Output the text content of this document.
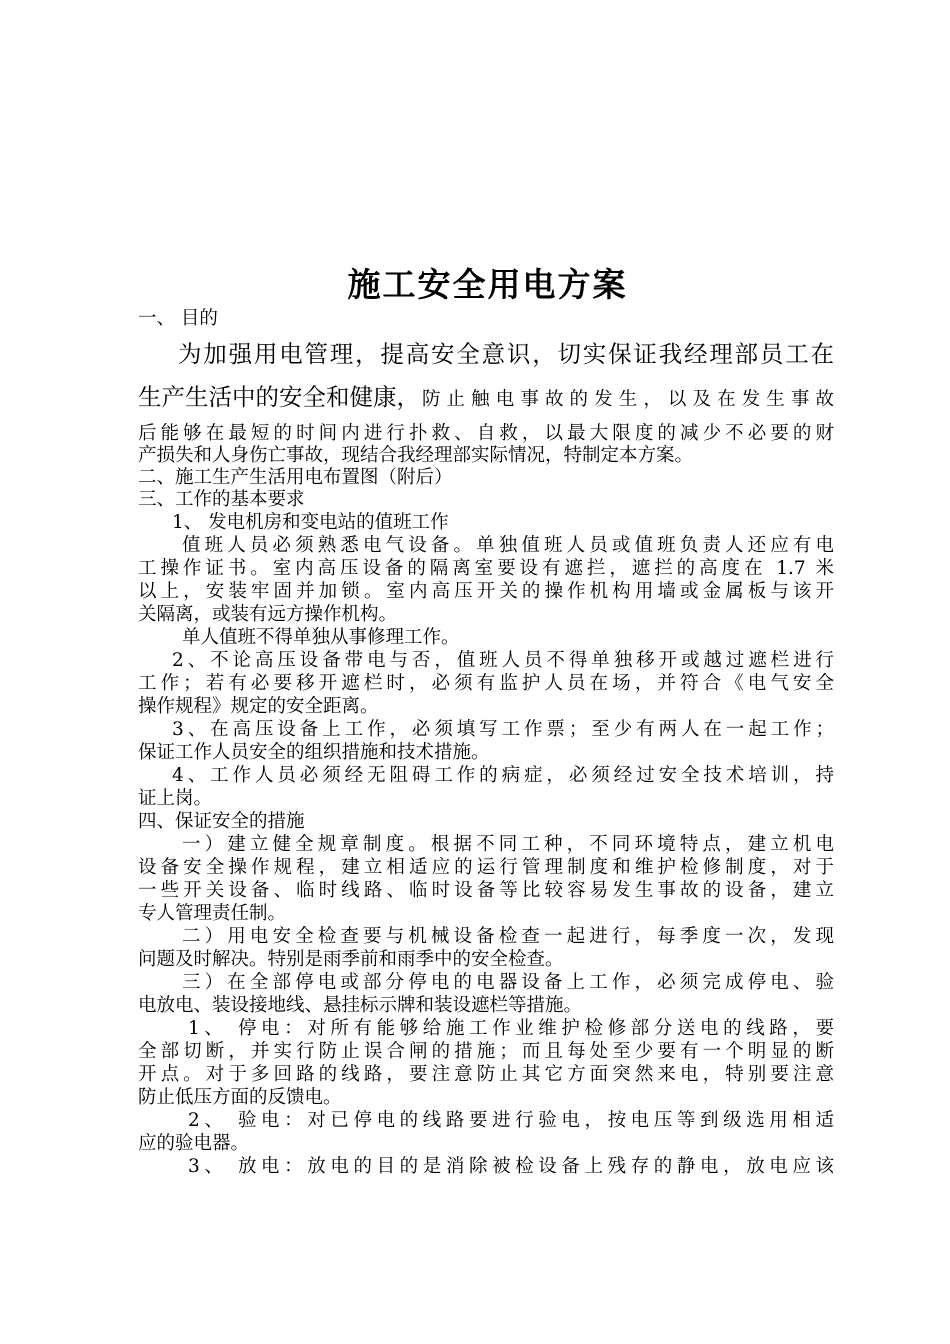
施工安全用电方案
一、 目的
为加强用电管理，提高安全意识，切实保证我经理部员工在
生产生活中的安全和健康， 防止触电事故的发生，以及在发生事故
后能够在最短的时间内进行扑救、自救，以最大限度的减少不必要的财
产损失和人身伤亡事故，现结合我经理部实际情况，特制定本方案。
二、施工生产生活用电布置图（附后）
三、工作的基本要求
1、 发电机房和变电站的值班工作
值班人员必须熟悉电气设备。单独值班人员或值班负责人还应有电
工操作证书。室内高压设备的隔离室要设有遮拦，遮拦的高度在 1.7 米
以上，安装牢固并加锁。室内高压开关的操作机构用墙或金属板与该开
关隔离，或装有远方操作机构。
单人值班不得单独从事修理工作。
2、不论高压设备带电与否，值班人员不得单独移开或越过遮栏进行
工作；若有必要移开遮栏时，必须有监护人员在场，并符合《电气安全
操作规程》规定的安全距离。
3、在高压设备上工作，必须填写工作票；至少有两人在一起工作；
保证工作人员安全的组织措施和技术措施。
4、工作人员必须经无阻碍工作的病症，必须经过安全技术培训，持
证上岗。
四、保证安全的措施
一）建立健全规章制度。根据不同工种，不同环境特点，建立机电
设备安全操作规程，建立相适应的运行管理制度和维护检修制度，对于
一些开关设备、临时线路、临时设备等比较容易发生事故的设备，建立
专人管理责任制。
二）用电安全检查要与机械设备检查一起进行，每季度一次，发现
问题及时解决。特别是雨季前和雨季中的安全检查。
三）在全部停电或部分停电的电器设备上工作，必须完成停电、验
电放电、装设接地线、悬挂标示牌和装设遮栏等措施。
1、 停电：对所有能够给施工作业维护检修部分送电的线路，要
全部切断，并实行防止误合闸的措施；而且每处至少要有一个明显的断
开点。对于多回路的线路，要注意防止其它方面突然来电，特别要注意
防止低压方面的反馈电。
2、 验电：对已停电的线路要进行验电，按电压等到级选用相适
应的验电器。
3、 放电：放电的目的是消除被检设备上残存的静电，放电应该
